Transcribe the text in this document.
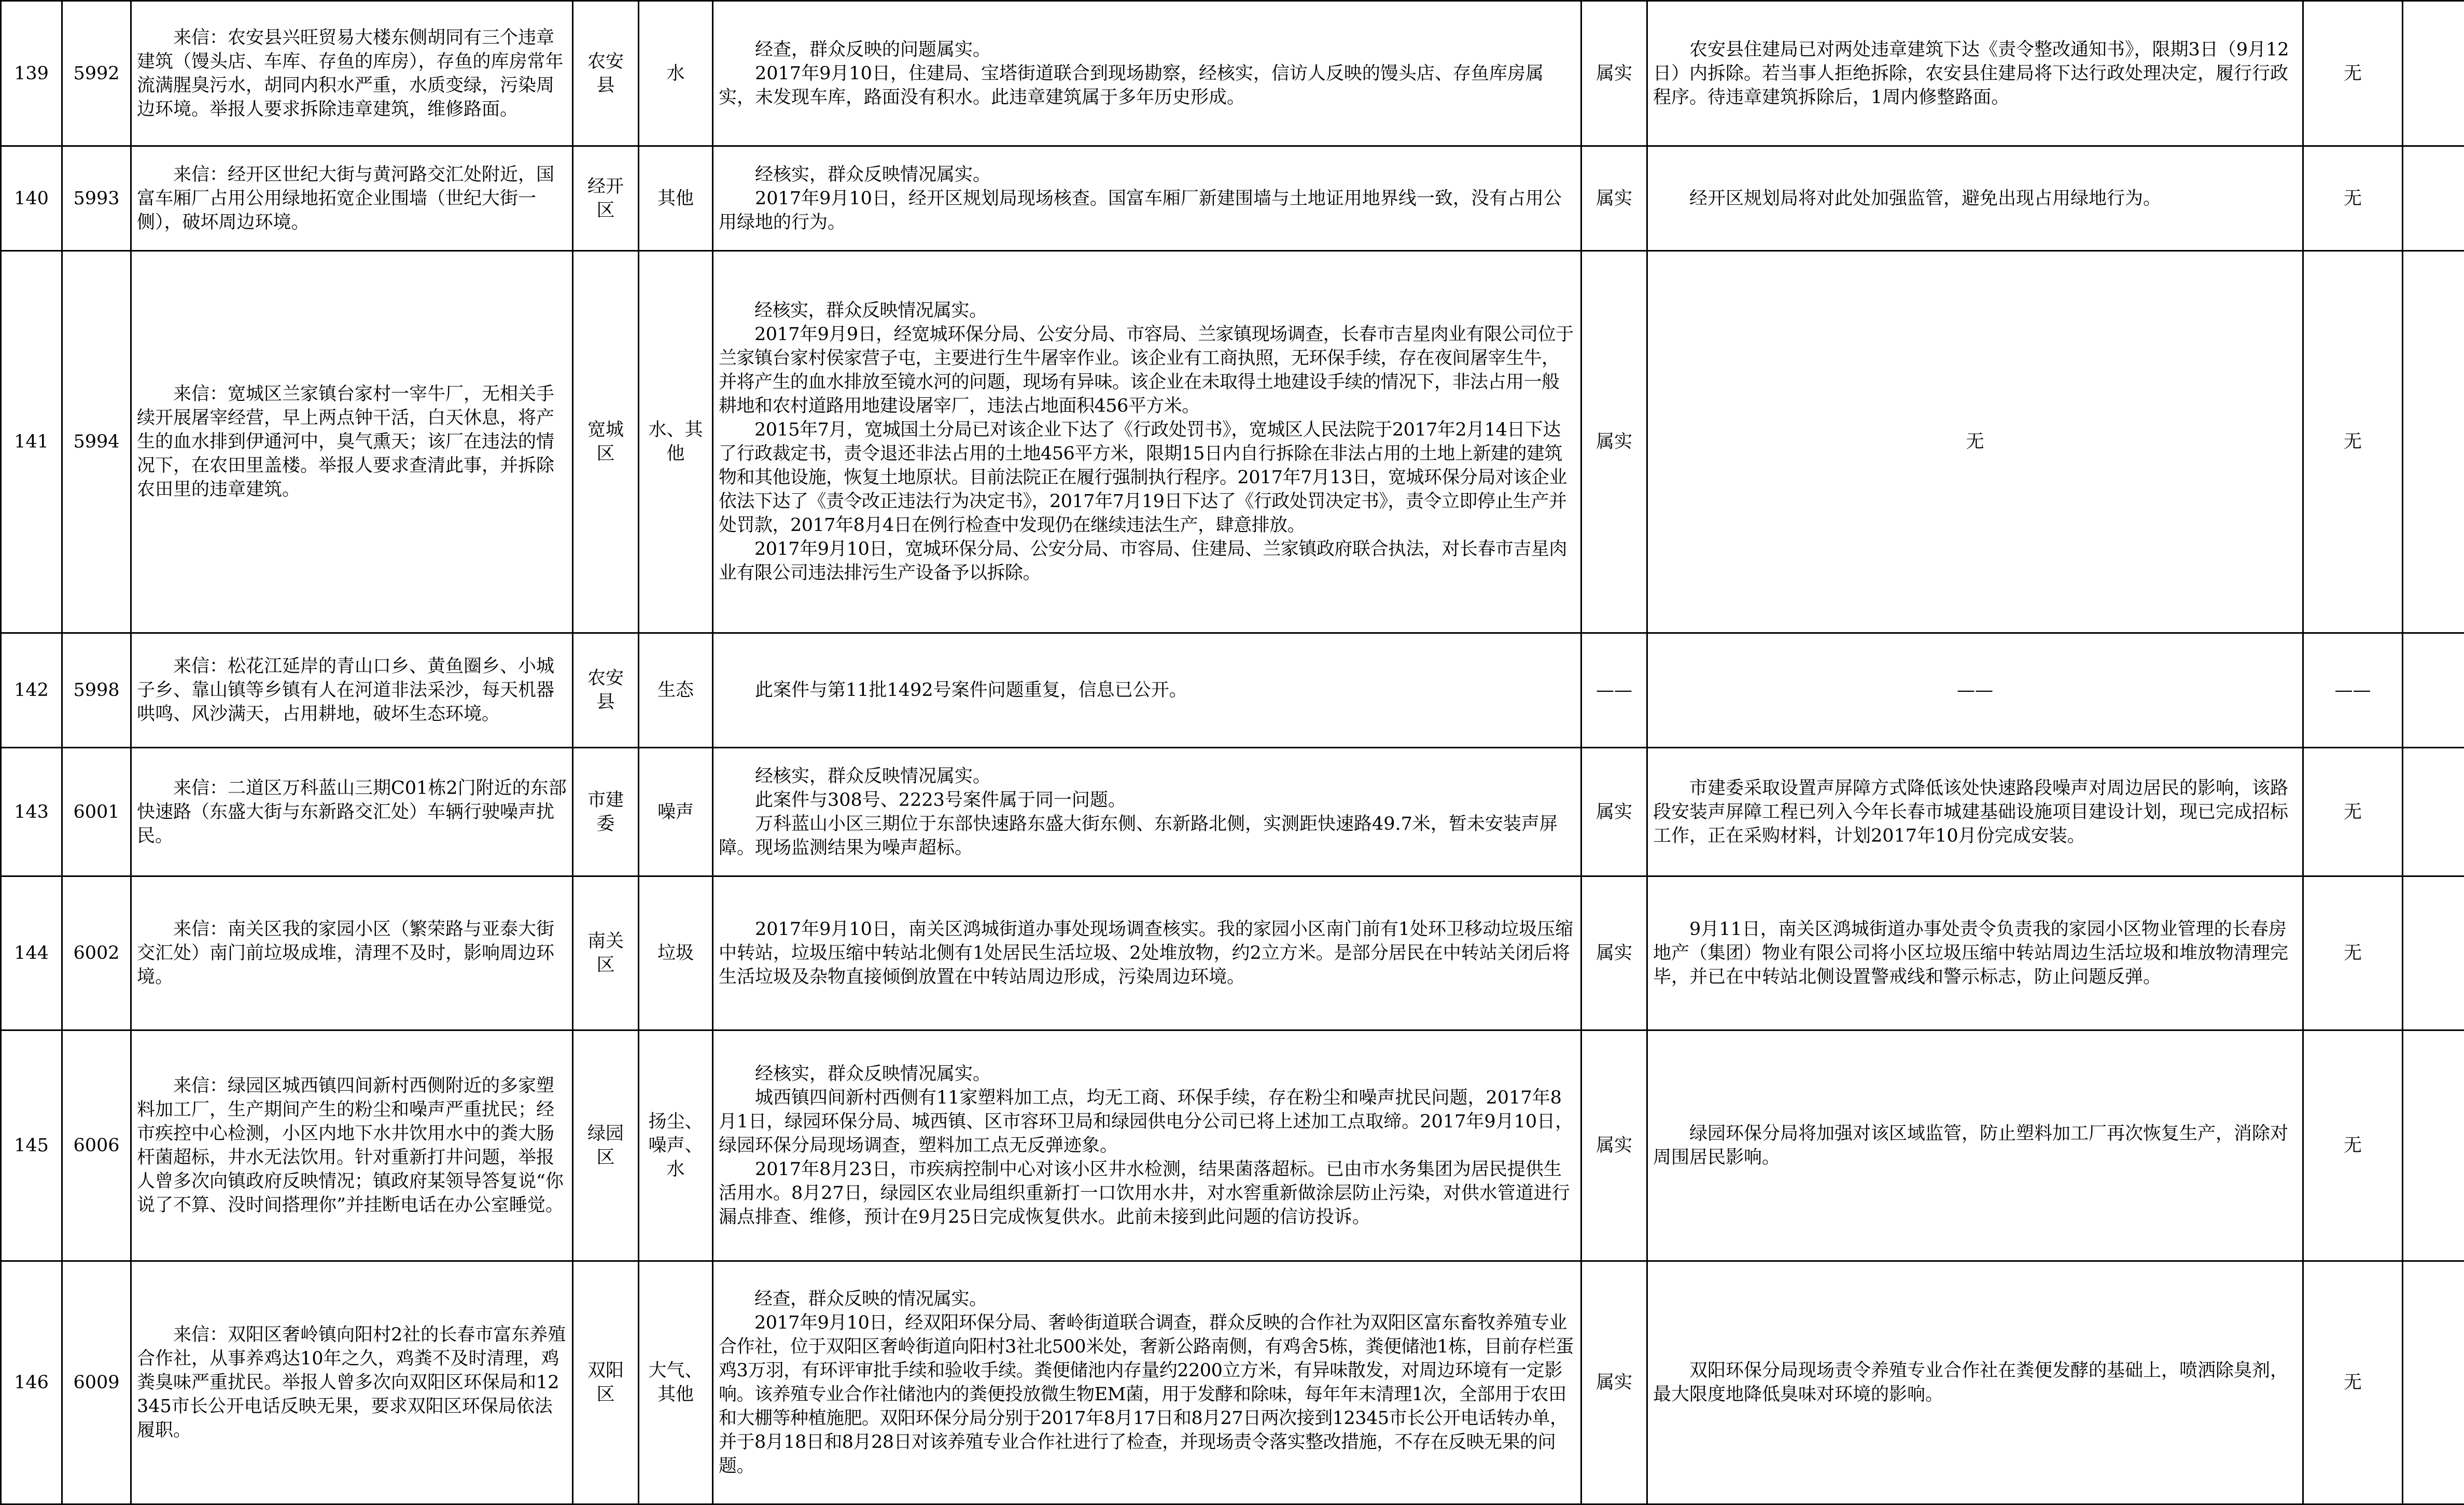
139	5992	　　来信：农安县兴旺贸易大楼东侧胡同有三个违章建筑（馒头店、车库、存鱼的库房），存鱼的库房常年流满腥臭污水，胡同内积水严重，水质变绿，污染周边环境。举报人要求拆除违章建筑，维修路面。	农安县	水	　　经查，群众反映的问题属实。
　　2017年9月10日，住建局、宝塔街道联合到现场勘察，经核实，信访人反映的馒头店、存鱼库房属实，未发现车库，路面没有积水。此违章建筑属于多年历史形成。	属实	　　农安县住建局已对两处违章建筑下达《责令整改通知书》，限期3日（9月12日）内拆除。若当事人拒绝拆除，农安县住建局将下达行政处理决定，履行行政程序。待违章建筑拆除后，1周内修整路面。	无	
140	5993	　　来信：经开区世纪大街与黄河路交汇处附近，国富车厢厂占用公用绿地拓宽企业围墙（世纪大街一侧），破坏周边环境。	经开区	其他	　　经核实，群众反映情况属实。
　　2017年9月10日，经开区规划局现场核查。国富车厢厂新建围墙与土地证用地界线一致，没有占用公用绿地的行为。	属实	　　经开区规划局将对此处加强监管，避免出现占用绿地行为。	无	
141	5994	　　来信：宽城区兰家镇台家村一宰牛厂，无相关手续开展屠宰经营，早上两点钟干活，白天休息，将产生的血水排到伊通河中，臭气熏天；该厂在违法的情况下，在农田里盖楼。举报人要求查清此事，并拆除农田里的违章建筑。	宽城区	水、其他	　　经核实，群众反映情况属实。
　　2017年9月9日，经宽城环保分局、公安分局、市容局、兰家镇现场调查，长春市吉星肉业有限公司位于兰家镇台家村侯家营子屯，主要进行生牛屠宰作业。该企业有工商执照，无环保手续，存在夜间屠宰生牛，并将产生的血水排放至镜水河的问题，现场有异味。该企业在未取得土地建设手续的情况下，非法占用一般耕地和农村道路用地建设屠宰厂，违法占地面积456平方米。
　　2015年7月，宽城国土分局已对该企业下达了《行政处罚书》，宽城区人民法院于2017年2月14日下达了行政裁定书，责令退还非法占用的土地456平方米，限期15日内自行拆除在非法占用的土地上新建的建筑物和其他设施，恢复土地原状。目前法院正在履行强制执行程序。2017年7月13日，宽城环保分局对该企业依法下达了《责令改正违法行为决定书》，2017年7月19日下达了《行政处罚决定书》，责令立即停止生产并处罚款，2017年8月4日在例行检查中发现仍在继续违法生产，肆意排放。
　　2017年9月10日，宽城环保分局、公安分局、市容局、住建局、兰家镇政府联合执法，对长春市吉星肉业有限公司违法排污生产设备予以拆除。	属实	无	无	
142	5998	　　来信：松花江延岸的青山口乡、黄鱼圈乡、小城子乡、靠山镇等乡镇有人在河道非法采沙，每天机器哄鸣、风沙满天，占用耕地，破坏生态环境。	农安县	生态	　　此案件与第11批1492号案件问题重复，信息已公开。	——	——	——	
143	6001	　　来信：二道区万科蓝山三期C01栋2门附近的东部快速路（东盛大街与东新路交汇处）车辆行驶噪声扰民。	市建委	噪声	　　经核实，群众反映情况属实。
　　此案件与308号、2223号案件属于同一问题。
　　万科蓝山小区三期位于东部快速路东盛大街东侧、东新路北侧，实测距快速路49.7米，暂未安装声屏障。现场监测结果为噪声超标。	属实	　　市建委采取设置声屏障方式降低该处快速路段噪声对周边居民的影响，该路段安装声屏障工程已列入今年长春市城建基础设施项目建设计划，现已完成招标工作，正在采购材料，计划2017年10月份完成安装。	无	
144	6002	　　来信：南关区我的家园小区（繁荣路与亚泰大街交汇处）南门前垃圾成堆，清理不及时，影响周边环境。	南关区	垃圾	　　2017年9月10日，南关区鸿城街道办事处现场调查核实。我的家园小区南门前有1处环卫移动垃圾压缩中转站，垃圾压缩中转站北侧有1处居民生活垃圾、2处堆放物，约2立方米。是部分居民在中转站关闭后将生活垃圾及杂物直接倾倒放置在中转站周边形成，污染周边环境。	属实	　　9月11日，南关区鸿城街道办事处责令负责我的家园小区物业管理的长春房地产（集团）物业有限公司将小区垃圾压缩中转站周边生活垃圾和堆放物清理完毕，并已在中转站北侧设置警戒线和警示标志，防止问题反弹。	无	
145	6006	　　来信：绿园区城西镇四间新村西侧附近的多家塑料加工厂，生产期间产生的粉尘和噪声严重扰民；经市疾控中心检测，小区内地下水井饮用水中的粪大肠杆菌超标，井水无法饮用。针对重新打井问题，举报人曾多次向镇政府反映情况；镇政府某领导答复说“你说了不算、没时间搭理你”并挂断电话在办公室睡觉。	绿园区	扬尘、噪声、水	　　经核实，群众反映情况属实。
　　城西镇四间新村西侧有11家塑料加工点，均无工商、环保手续，存在粉尘和噪声扰民问题，2017年8月1日，绿园环保分局、城西镇、区市容环卫局和绿园供电分公司已将上述加工点取缔。2017年9月10日，绿园环保分局现场调查，塑料加工点无反弹迹象。
　　2017年8月23日，市疾病控制中心对该小区井水检测，结果菌落超标。已由市水务集团为居民提供生活用水。8月27日，绿园区农业局组织重新打一口饮用水井，对水窖重新做涂层防止污染，对供水管道进行漏点排查、维修，预计在9月25日完成恢复供水。此前未接到此问题的信访投诉。	属实	　　绿园环保分局将加强对该区域监管，防止塑料加工厂再次恢复生产，消除对周围居民影响。	无	
146	6009	　　来信：双阳区奢岭镇向阳村2社的长春市富东养殖合作社，从事养鸡达10年之久，鸡粪不及时清理，鸡粪臭味严重扰民。举报人曾多次向双阳区环保局和12345市长公开电话反映无果，要求双阳区环保局依法履职。	双阳区	大气、其他	　　经查，群众反映的情况属实。
　　2017年9月10日，经双阳环保分局、奢岭街道联合调查，群众反映的合作社为双阳区富东畜牧养殖专业合作社，位于双阳区奢岭街道向阳村3社北500米处，奢新公路南侧，有鸡舍5栋，粪便储池1栋，目前存栏蛋鸡3万羽，有环评审批手续和验收手续。粪便储池内存量约2200立方米，有异味散发，对周边环境有一定影响。该养殖专业合作社储池内的粪便投放微生物EM菌，用于发酵和除味，每年年末清理1次，全部用于农田和大棚等种植施肥。双阳环保分局分别于2017年8月17日和8月27日两次接到12345市长公开电话转办单，并于8月18日和8月28日对该养殖专业合作社进行了检查，并现场责令落实整改措施，不存在反映无果的问题。	属实	　　双阳环保分局现场责令养殖专业合作社在粪便发酵的基础上，喷洒除臭剂，最大限度地降低臭味对环境的影响。	无	
